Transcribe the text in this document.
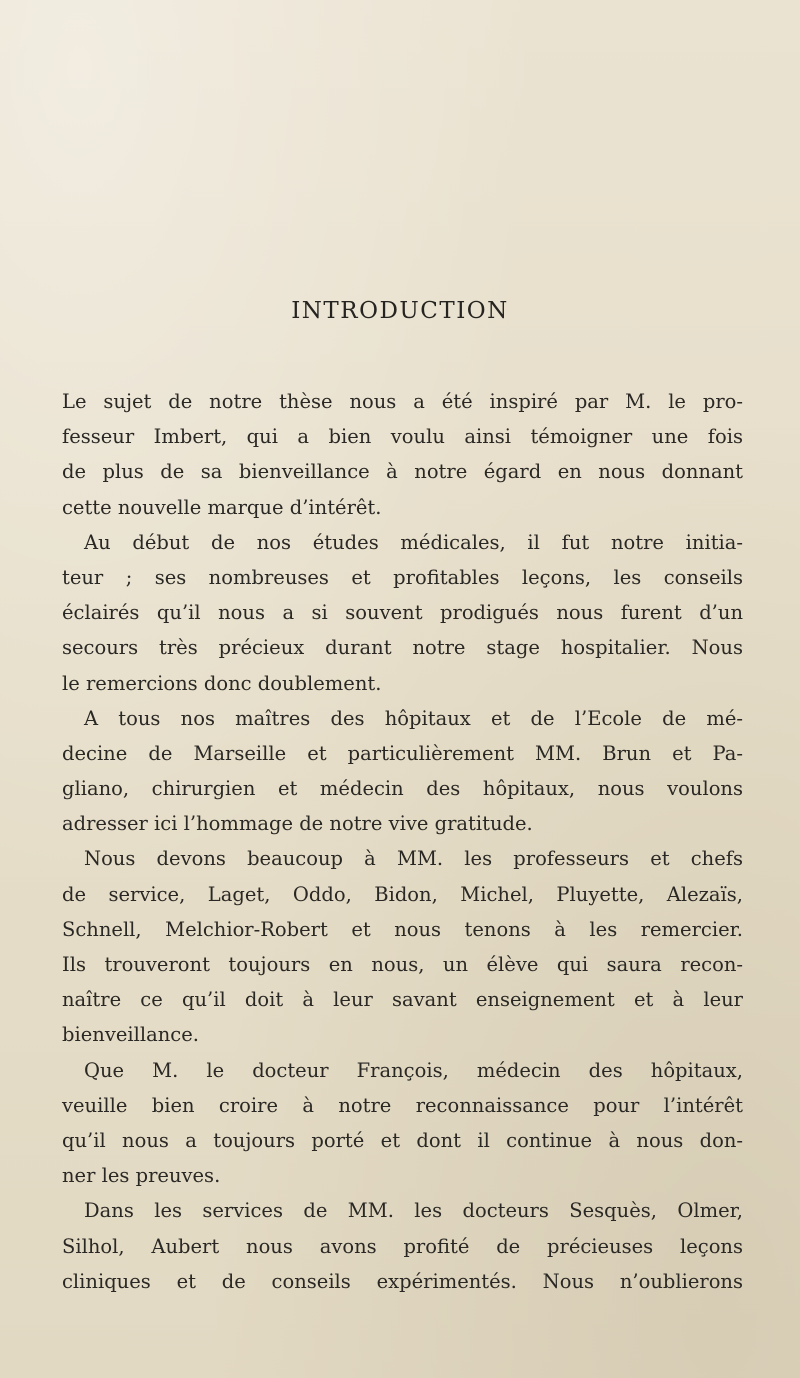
INTRODUCTION

Le sujet de notre thèse nous a été inspiré par M. le pro-

fesseur Imbert, qui a bien voulu ainsi témoigner une fois

de plus de sa bienveillance à notre égard en nous donnant

cette nouvelle marque d’intérêt.

Au début de nos études médicales, il fut notre initia-

teur ; ses nombreuses et profitables leçons, les conseils

éclairés qu’il nous a si souvent prodigués nous furent d’un

secours très précieux durant notre stage hospitalier. Nous

le remercions donc doublement.

A tous nos maîtres des hôpitaux et de l’Ecole de mé-

decine de Marseille et particulièrement MM. Brun et Pa-

gliano, chirurgien et médecin des hôpitaux, nous voulons

adresser ici l’hommage de notre vive gratitude.

Nous devons beaucoup à MM. les professeurs et chefs

de service, Laget, Oddo, Bidon, Michel, Pluyette, Alezaïs,

Schnell, Melchior-Robert et nous tenons à les remercier.

Ils trouveront toujours en nous, un élève qui saura recon-

naître ce qu’il doit à leur savant enseignement et à leur

bienveillance.

Que M. le docteur François, médecin des hôpitaux,

veuille bien croire à notre reconnaissance pour l’intérêt

qu’il nous a toujours porté et dont il continue à nous don-

ner les preuves.

Dans les services de MM. les docteurs Sesquès, Olmer,

Silhol, Aubert nous avons profité de précieuses leçons

cliniques et de conseils expérimentés. Nous n’oublierons
